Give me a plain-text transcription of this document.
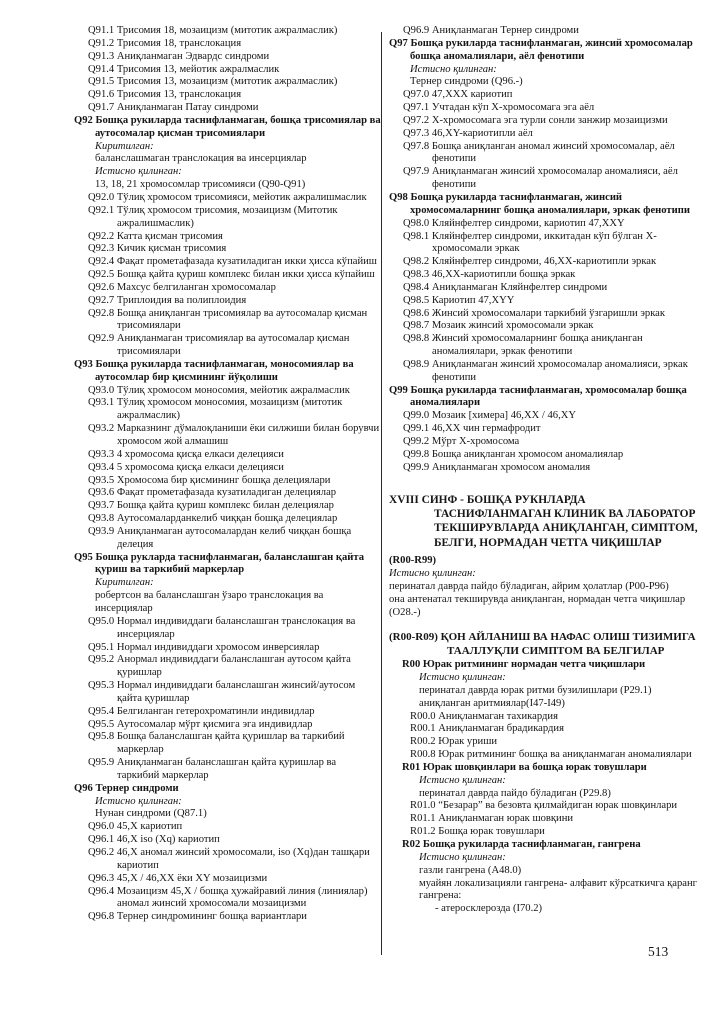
Q91.1 Трисомия 18, мозаицизм (митотик ажралмаслик)
Q91.2 Трисомия 18, транслокация
Q91.3 Аниқланмаган Эдвардс синдроми
Q91.4 Трисомия 13, мейотик ажралмаслик
Q91.5 Трисомия 13, мозаицизм (митотик ажралмаслик)
Q91.6 Трисомия 13, транслокация
Q91.7 Аниқланмаган Патау синдроми
Q92 Бошқа рукиларда таснифланмаган, бошқа трисомиялар ва аутосомалар қисман трисомиялари
Киритилган:
баланслашмаган транслокация ва инсерциялар
Истисно қилинган:
13, 18, 21 хромосомлар трисомияси (Q90-Q91)
Q92.0 Тўлиқ хромосом трисомияси, мейотик ажралишмаслик
Q92.1 Тўлиқ хромосом трисомия, мозаицизм (Митотик ажралишмаслик)
Q92.2 Катта қисман трисомия
Q92.3 Кичик қисман трисомия
Q92.4 Фақат прометафазада кузатиладиган икки ҳисса кўпайиш
Q92.5 Бошқа қайта қуриш комплекс билан икки ҳисса кўпайиш
Q92.6 Махсус белгиланган хромосомалар
Q92.7 Триплоидия ва полиплоидия
Q92.8 Бошқа аниқланган трисомиялар ва аутосомалар қисман трисомиялари
Q92.9 Аниқланмаган трисомиялар ва аутосомалар қисман трисомиялари
Q93 Бошқа рукиларда таснифланмаган, моносомиялар ва аутосомлар бир қисмининг йўқолиши
Q93.0 Тўлиқ хромосом моносомия, мейотик ажралмаслик
Q93.1 Тўлиқ хромосом моносомия, мозаицизм (митотик ажралмаслик)
Q93.2 Марказнинг дўмалоқланиши ёки силжиши билан борувчи хромосом жой алмашиш
Q93.3 4 хромосома қисқа елкаси делецияси
Q93.4 5 хромосома қисқа елкаси делецияси
Q93.5 Хромосома бир қисмининг бошқа делециялари
Q93.6 Фақат прометафазада кузатиладиган делециялар
Q93.7 Бошқа қайта қуриш комплекс билан делециялар
Q93.8 Аутосомаларданкелиб чиққан бошқа делециялар
Q93.9 Аниқланмаган аутосомалардан келиб чиққан бошқа делеция
Q95 Бошқа рукларда таснифланмаган, баланслашган қайта қуриш ва таркибий маркерлар
Киритилган:
робертсон ва баланслашган ўзаро транслокация ва инсерциялар
Q95.0 Нормал индивиддаги баланслашган транслокация ва инсерциялар
Q95.1 Нормал индивиддаги хромосом инверсиялар
Q95.2 Анормал индивиддаги баланслашган аутосом қайта қуришлар
Q95.3 Нормал индивиддаги баланслашган жинсий/аутосом қайта қуришлар
Q95.4 Белгиланган гетерохроматинли индивидлар
Q95.5 Аутосомалар мўрт қисмига эга индивидлар
Q95.8 Бошқа баланслашган қайта қуришлар ва таркибий маркерлар
Q95.9 Аниқланмаган баланслашган қайта қуришлар ва таркибий маркерлар
Q96 Тернер синдроми
Истисно қилинган:
Нунан синдроми (Q87.1)
Q96.0 45,X кариотип
Q96.1 46,X iso (Xq) кариотип
Q96.2 46,X аномал жинсий хромосомали, iso (Xq)дан ташқари кариотип
Q96.3 45,X / 46,XX ёки XY мозаицизми
Q96.4 Мозаицизм 45,X / бошқа ҳужайравий линия (линиялар) аномал жинсий хромосомали мозаицизми
Q96.8 Тернер синдромининг бошқа вариантлари
Q96.9 Аниқланмаган Тернер синдроми
Q97 Бошқа рукиларда таснифланмаган, жинсий хромосомалар бошқа аномалиялари, аёл фенотипи
Истисно қилинган:
Тернер синдроми (Q96.-)
Q97.0 47,XXX кариотип
Q97.1 Учтадан кўп X-хромосомага эга аёл
Q97.2 X-хромосомага эга турли сонли занжир мозаицизми
Q97.3 46,XY-кариотипли аёл
Q97.8 Бошқа аниқланган аномал жинсий хромосомалар, аёл фенотипи
Q97.9 Аниқланмаган жинсий хромосомалар аномалияси, аёл фенотипи
Q98 Бошқа рукиларда таснифланмаган, жинсий хромосомаларнинг бошқа аномалиялари, эркак фенотипи
Q98.0 Кляйнфелтер синдроми, кариотип 47,XXY
Q98.1 Кляйнфелтер синдроми, иккитадан кўп бўлган X-хромосомали эркак
Q98.2 Кляйнфелтер синдроми, 46,XX-кариотипли эркак
Q98.3 46,XX-кариотипли бошқа эркак
Q98.4 Аниқланмаган Кляйнфелтер синдроми
Q98.5 Кариотип 47,XYY
Q98.6 Жинсий хромосомалари таркибий ўзгаришли эркак
Q98.7 Мозаик жинсий хромосомали эркак
Q98.8 Жинсий хромосомаларнинг бошқа аниқланган аномалиялари, эркак фенотипи
Q98.9 Аниқланмаган жинсий хромосомалар аномалияси, эркак фенотипи
Q99 Бошқа рукиларда таснифланмаган, хромосомалар бошқа аномалиялари
Q99.0 Мозаик [химера] 46,XX / 46,XY
Q99.1 46,XX чин гермафродит
Q99.2 Мўрт X-хромосома
Q99.8 Бошқа аниқланган хромосом аномалиялар
Q99.9 Аниқланмаган хромосом аномалия
XVIII СИНФ - БОШҚА РУКНЛАРДА ТАСНИФЛАНМАГАН КЛИНИК ВА ЛАБОРАТОР ТЕКШИРУВЛАРДА АНИҚЛАНГАН, СИМПТОМ, БЕЛГИ, НОРМАДАН ЧЕТГА ЧИҚИШЛАР
(R00-R99)
Истисно қилинган:
перинатал даврда пайдо бўладиган, айрим ҳолатлар (P00-P96)
она антенатал текширувда аниқланган, нормадан четга чиқишлар (O28.-)
(R00-R09) ҚОН АЙЛАНИШ ВА НАФАС ОЛИШ ТИЗИМИГА ТААЛЛУҚЛИ СИМПТОМ ВА БЕЛГИЛАР
R00 Юрак ритмининг нормадан четга чиқишлари
Истисно қилинган:
перинатал даврда юрак ритми бузилишлари (P29.1)
аниқланган аритмиялар(I47-I49)
R00.0 Аниқланмаган тахикардия
R00.1 Аниқланмаган брадикардия
R00.2 Юрак уриши
R00.8 Юрак ритмининг бошқа ва аниқланмаган аномалиялари
R01 Юрак шовқинлари ва бошқа юрак товушлари
Истисно қилинган:
перинатал даврда пайдо бўладиган (P29.8)
R01.0 “Безарар” ва безовта қилмайдиган юрак шовқинлари
R01.1 Аниқланмаган юрак шовқини
R01.2 Бошқа юрак товушлари
R02 Бошқа рукиларда таснифланмаган, гангрена
Истисно қилинган:
газли гангрена (A48.0)
муайян локализацияли гангрена- алфавит кўрсаткичга қаранг
гангрена:
- атеросклерозда (I70.2)
513
